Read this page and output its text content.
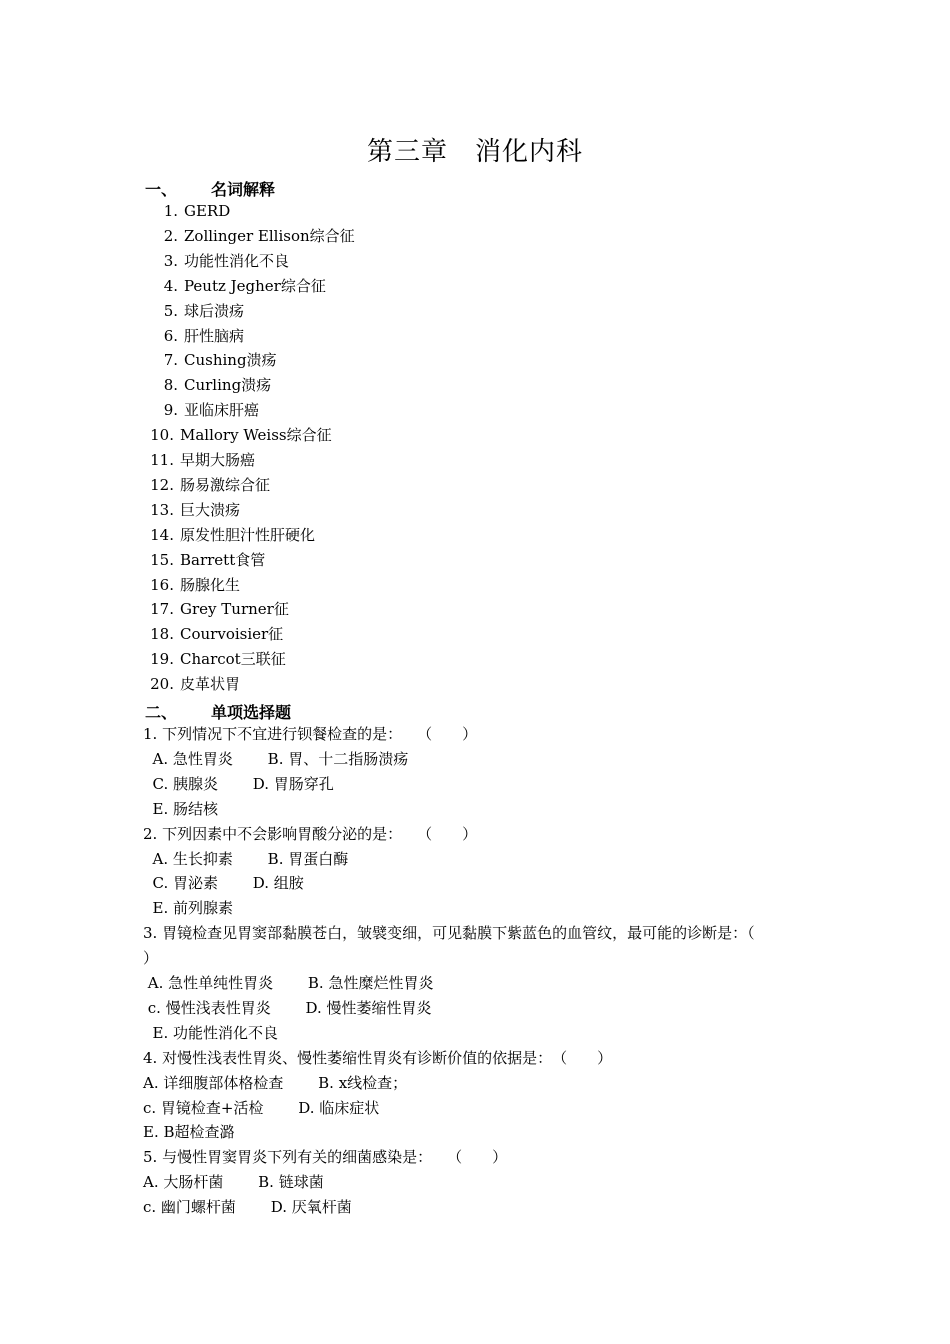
第三章　消化内科
一、 名词解释
1. GERD
2. Zollinger Ellison综合征
3. 功能性消化不良
4. Peutz Jegher综合征
5. 球后溃疡
6. 肝性脑病
7. Cushing溃疡
8. Curling溃疡
9. 亚临床肝癌
10. Mallory Weiss综合征
11. 早期大肠癌
12. 肠易激综合征
13. 巨大溃疡
14. 原发性胆汁性肝硬化
15. Barrett食管
16. 肠腺化生
17. Grey Turner征
18. Courvoisier征
19. Charcot三联征
20. 皮革状胃
二、 单项选择题
1. 下列情况下不宜进行钡餐检查的是：　　（　　）
A. 急性胃炎　　 B. 胃、十二指肠溃疡
C. 胰腺炎　　 D. 胃肠穿孔
E. 肠结核
2. 下列因素中不会影响胃酸分泌的是：　　（　　）
A. 生长抑素　　 B. 胃蛋白酶
C. 胃泌素　　 D. 组胺
E. 前列腺素
3. 胃镜检查见胃窦部黏膜苍白，皱襞变细，可见黏膜下紫蓝色的血管纹，最可能的诊断是：（
）
A. 急性单纯性胃炎　　 B. 急性糜烂性胃炎
c. 慢性浅表性胃炎　　 D. 慢性萎缩性胃炎
E. 功能性消化不良
4. 对慢性浅表性胃炎、慢性萎缩性胃炎有诊断价值的依据是：　（　　）
A. 详细腹部体格检查　　 B. x线检查；
c. 胃镜检查+活检　　 D. 临床症状
E. B超检查潞
5. 与慢性胃窦胃炎下列有关的细菌感染是：　　（　　）
A. 大肠杆菌　　 B. 链球菌
c. 幽门螺杆菌　　 D. 厌氧杆菌
